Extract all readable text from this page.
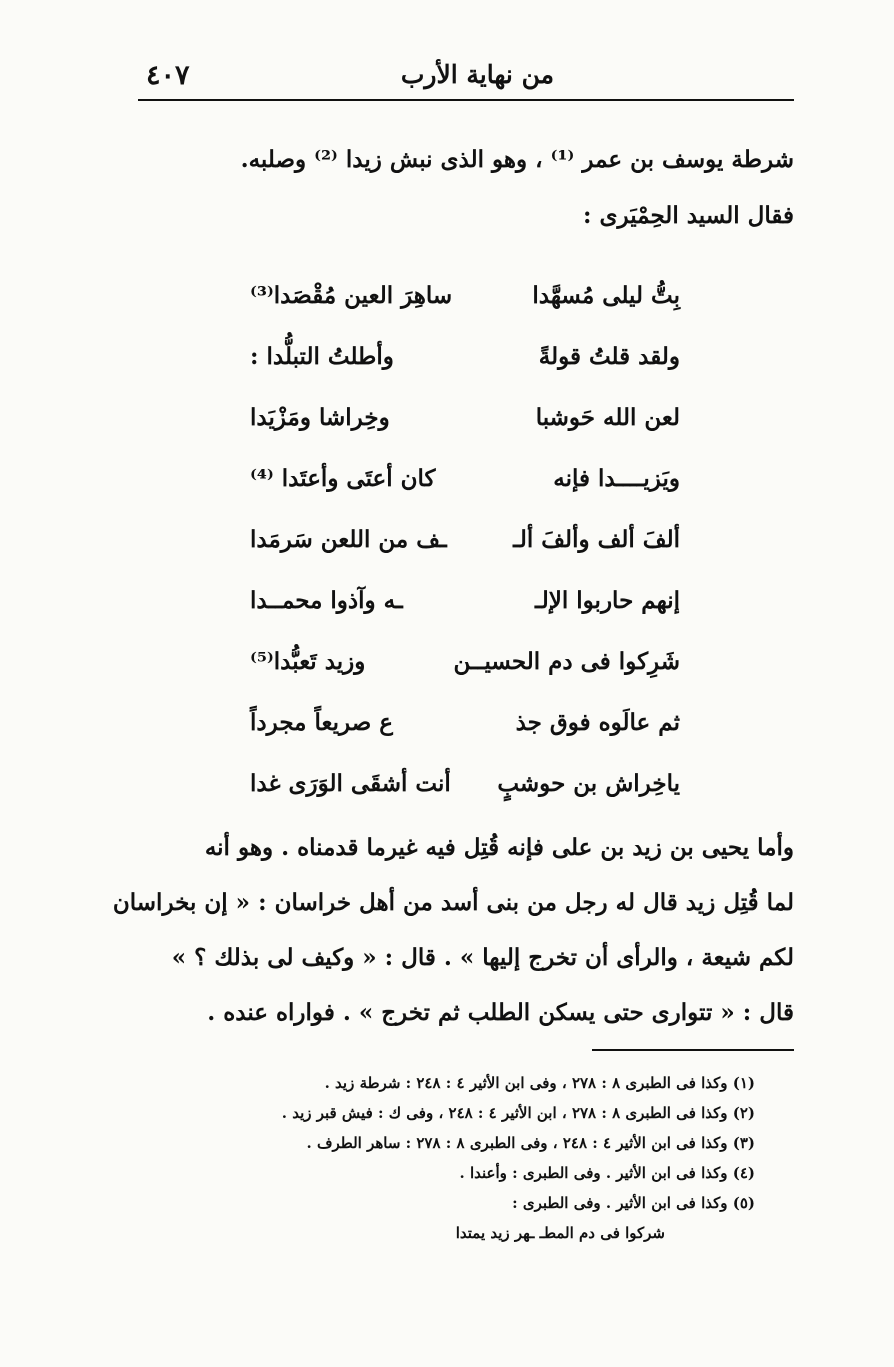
٤٠٧	من نهاية الأرب
شرطة يوسف بن عمر ⁽¹⁾ ، وهو الذى نبش زيدا ⁽²⁾ وصلبه.
فقال السيد الحِمْيَرى :
بِتُّ ليلى مُسهَّدا
ساهِرَ العين مُقْصَدا⁽³⁾
ولقد قلتُ قولةً
وأطلتُ التبلُّدا :
لعن الله حَوشبا
وخِراشا ومَزْيَدا
ويَزيــــدا فإنه
كان أعتَى وأعتَدا ⁽⁴⁾
ألفَ ألف وألفَ ألـ
ـف من اللعن سَرمَدا
إنهم حاربوا الإلـ
ـه وآذوا محمــدا
شَرِكوا فى دم الحسيــن
وزيد تَعبُّدا⁽⁵⁾
ثم عالَوه فوق جذ
ع صريعاً مجرداً
ياخِراش بن حوشبٍ
أنت أشقَى الوَرَى غدا
وأما يحيى بن زيد بن على فإنه قُتِل فيه غيرما قدمناه . وهو أنه
لما قُتِل زيد قال له رجل من بنى أسد من أهل خراسان : « إن بخراسان
لكم شيعة ، والرأى أن تخرج إليها » . قال : « وكيف لى بذلك ؟ »
قال : « تتوارى حتى يسكن الطلب ثم تخرج » . فواراه عنده .
(١) وكذا فى الطبرى ٨ : ٢٧٨ ، وفى ابن الأثير ٤ : ٢٤٨ : شرطة زيد .
(٢) وكذا فى الطبرى ٨ : ٢٧٨ ، ابن الأثير ٤ : ٢٤٨ ، وفى ك : فيش قبر زيد .
(٣) وكذا فى ابن الأثير ٤ : ٢٤٨ ، وفى الطبرى ٨ : ٢٧٨ : ساهر الطرف .
(٤) وكذا فى ابن الأثير . وفى الطبرى : وأعندا .
(٥) وكذا فى ابن الأثير . وفى الطبرى :
شركوا فى دم المطـ ـهر زيد يمتدا
